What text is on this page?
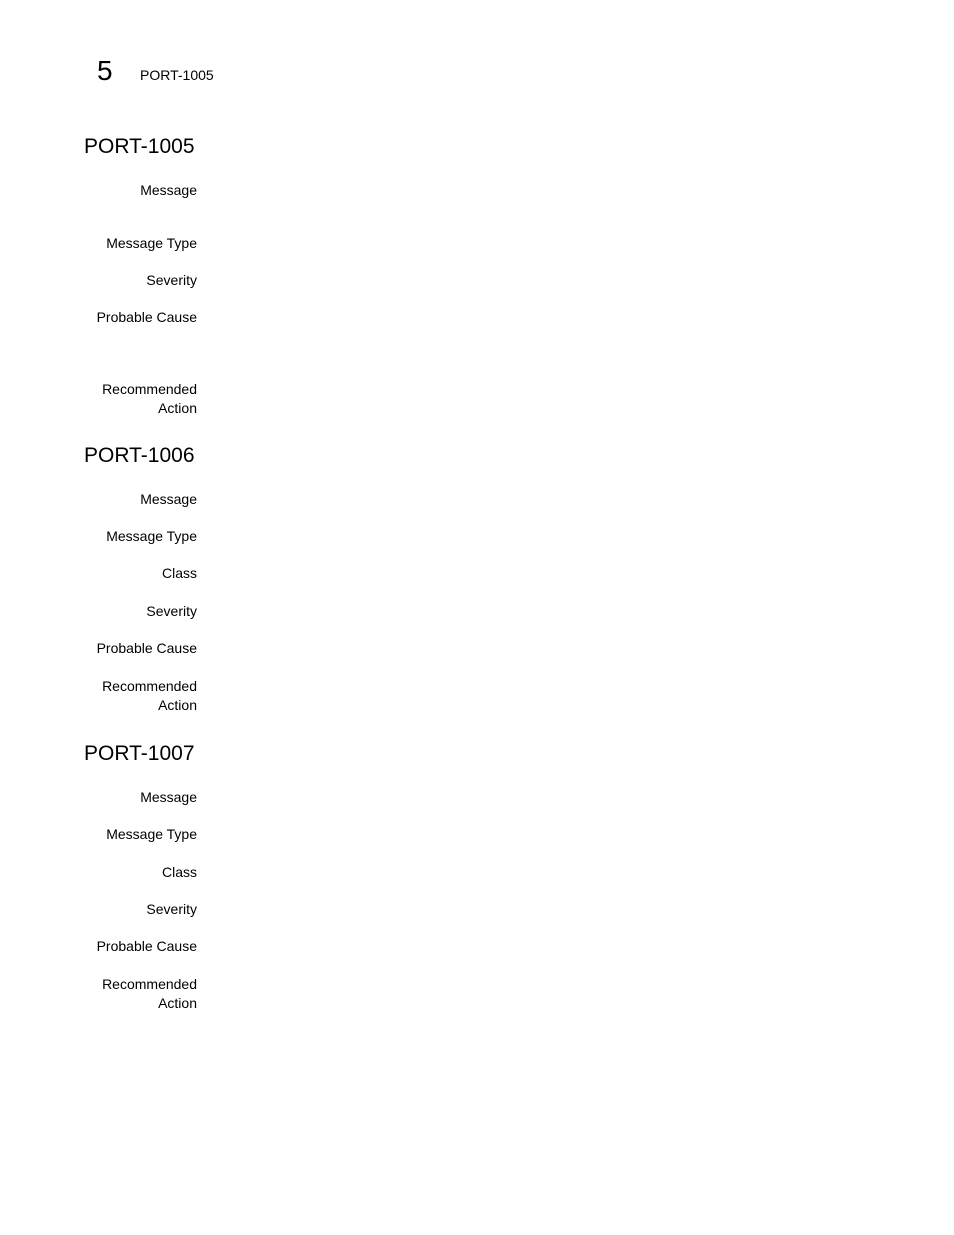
5	PORT-1005
PORT-1005
Message
Message Type
Severity
Probable Cause
Recommended
Action
PORT-1006
Message
Message Type
Class
Severity
Probable Cause
Recommended
Action
PORT-1007
Message
Message Type
Class
Severity
Probable Cause
Recommended
Action
